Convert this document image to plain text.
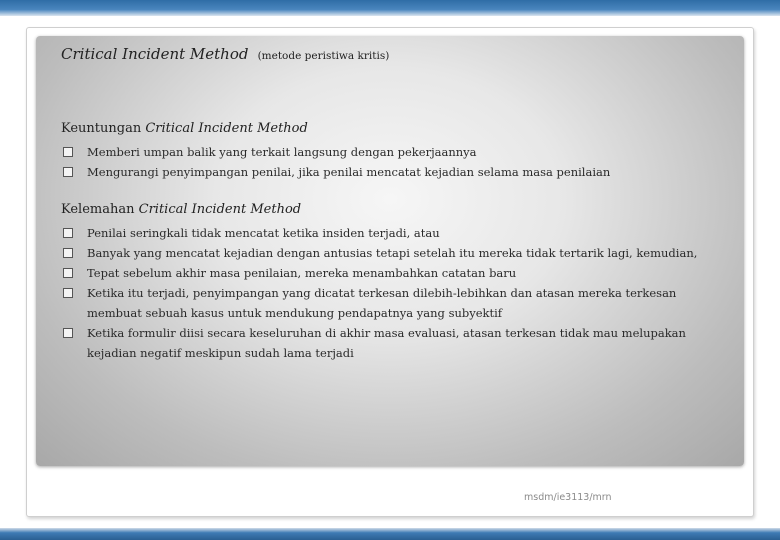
Critical Incident Method (metode peristiwa kritis)
Keuntungan Critical Incident Method
Memberi umpan balik yang terkait langsung dengan pekerjaannya
Mengurangi penyimpangan penilai, jika penilai mencatat kejadian selama masa penilaian
Kelemahan Critical Incident Method
Penilai seringkali tidak mencatat ketika insiden terjadi, atau
Banyak yang mencatat kejadian dengan antusias tetapi setelah itu mereka tidak tertarik lagi, kemudian,
Tepat sebelum akhir masa penilaian, mereka menambahkan catatan baru
Ketika itu terjadi, penyimpangan yang dicatat terkesan dilebih-lebihkan dan atasan mereka terkesan membuat sebuah kasus untuk mendukung pendapatnya yang subyektif
Ketika formulir diisi secara keseluruhan di akhir masa evaluasi, atasan terkesan tidak mau melupakan kejadian negatif meskipun sudah lama terjadi
msdm/ie3113/mrn
